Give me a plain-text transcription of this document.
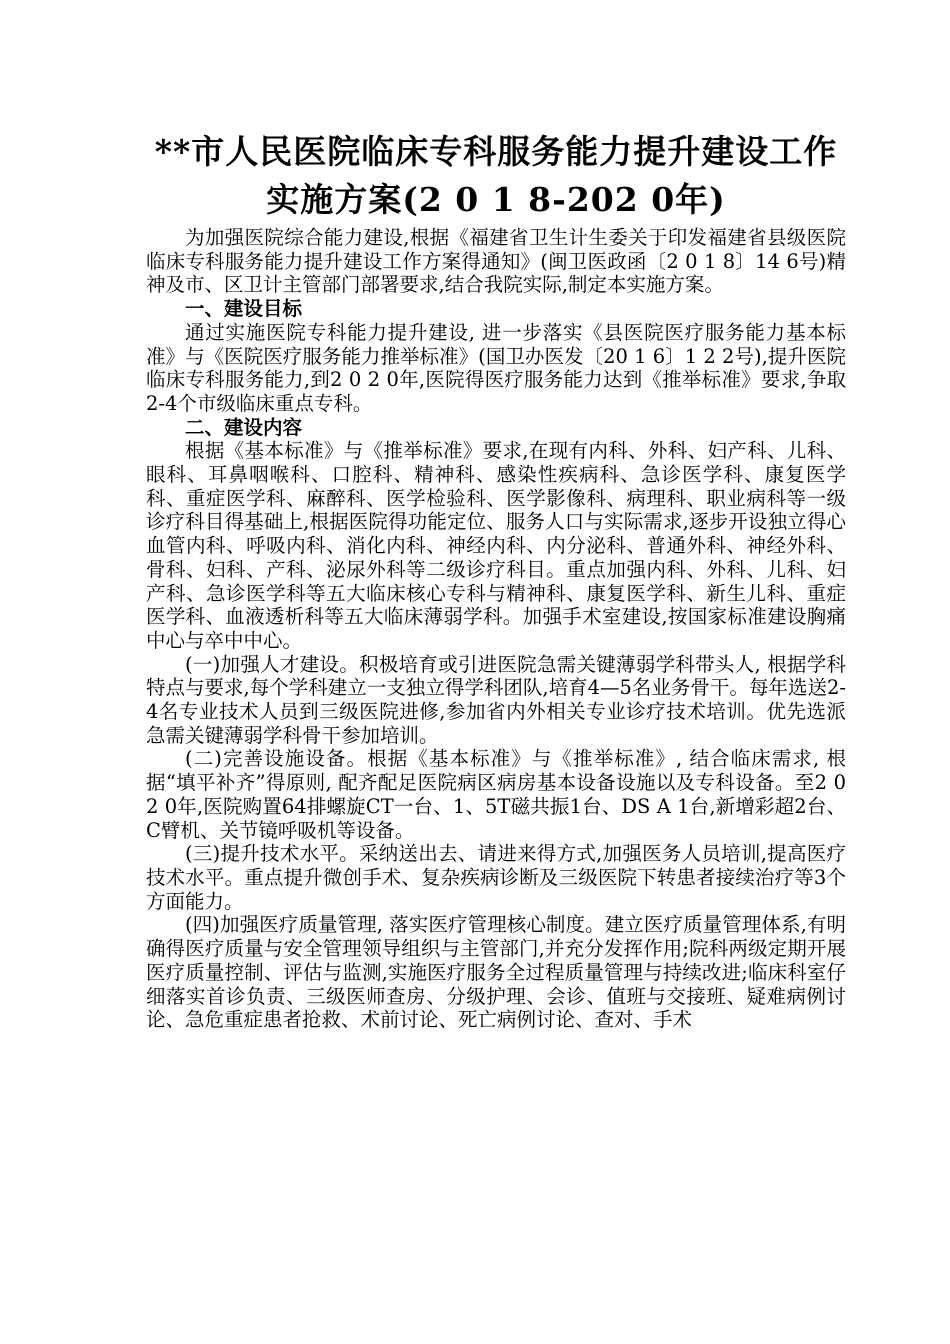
**市人民医院临床专科服务能力提升建设工作
实施方案(2 0 1 8-202 0年)

为加强医院综合能力建设,根据《福建省卫生计生委关于印发福建省县级医院临床专科服务能力提升建设工作方案得通知》(闽卫医政函〔2 0 1 8〕14 6号)精神及市、区卫计主管部门部署要求,结合我院实际,制定本实施方案。

一、建设目标

通过实施医院专科能力提升建设, 进一步落实《县医院医疗服务能力基本标准》与《医院医疗服务能力推举标准》(国卫办医发〔20 1 6〕1 2 2号),提升医院临床专科服务能力,到2 0 2 0年,医院得医疗服务能力达到《推举标准》要求,争取2-4个市级临床重点专科。

二、建设内容

根据《基本标准》与《推举标准》要求,在现有内科、外科、妇产科、儿科、眼科、耳鼻咽喉科、口腔科、精神科、感染性疾病科、急诊医学科、康复医学科、重症医学科、麻醉科、医学检验科、医学影像科、病理科、职业病科等一级诊疗科目得基础上,根据医院得功能定位、服务人口与实际需求,逐步开设独立得心血管内科、呼吸内科、消化内科、神经内科、内分泌科、普通外科、神经外科、骨科、妇科、产科、泌尿外科等二级诊疗科目。重点加强内科、外科、儿科、妇产科、急诊医学科等五大临床核心专科与精神科、康复医学科、新生儿科、重症医学科、血液透析科等五大临床薄弱学科。加强手术室建设,按国家标准建设胸痛中心与卒中中心。

(一)加强人才建设。积极培育或引进医院急需关键薄弱学科带头人, 根据学科特点与要求,每个学科建立一支独立得学科团队,培育4—5名业务骨干。每年选送2-4名专业技术人员到三级医院进修,参加省内外相关专业诊疗技术培训。优先选派急需关键薄弱学科骨干参加培训。

(二)完善设施设备。根据《基本标准》与《推举标准》, 结合临床需求, 根据“填平补齐”得原则, 配齐配足医院病区病房基本设备设施以及专科设备。至2 0 2 0年,医院购置64排螺旋CT一台、1、5T磁共振1台、DS A 1台,新增彩超2台、C臂机、关节镜呼吸机等设备。

(三)提升技术水平。采纳送出去、请进来得方式,加强医务人员培训,提高医疗技术水平。重点提升微创手术、复杂疾病诊断及三级医院下转患者接续治疗等3个方面能力。

(四)加强医疗质量管理, 落实医疗管理核心制度。建立医疗质量管理体系,有明确得医疗质量与安全管理领导组织与主管部门,并充分发挥作用;院科两级定期开展医疗质量控制、评估与监测,实施医疗服务全过程质量管理与持续改进;临床科室仔细落实首诊负责、三级医师查房、分级护理、会诊、值班与交接班、疑难病例讨论、急危重症患者抢救、术前讨论、死亡病例讨论、查对、手术
